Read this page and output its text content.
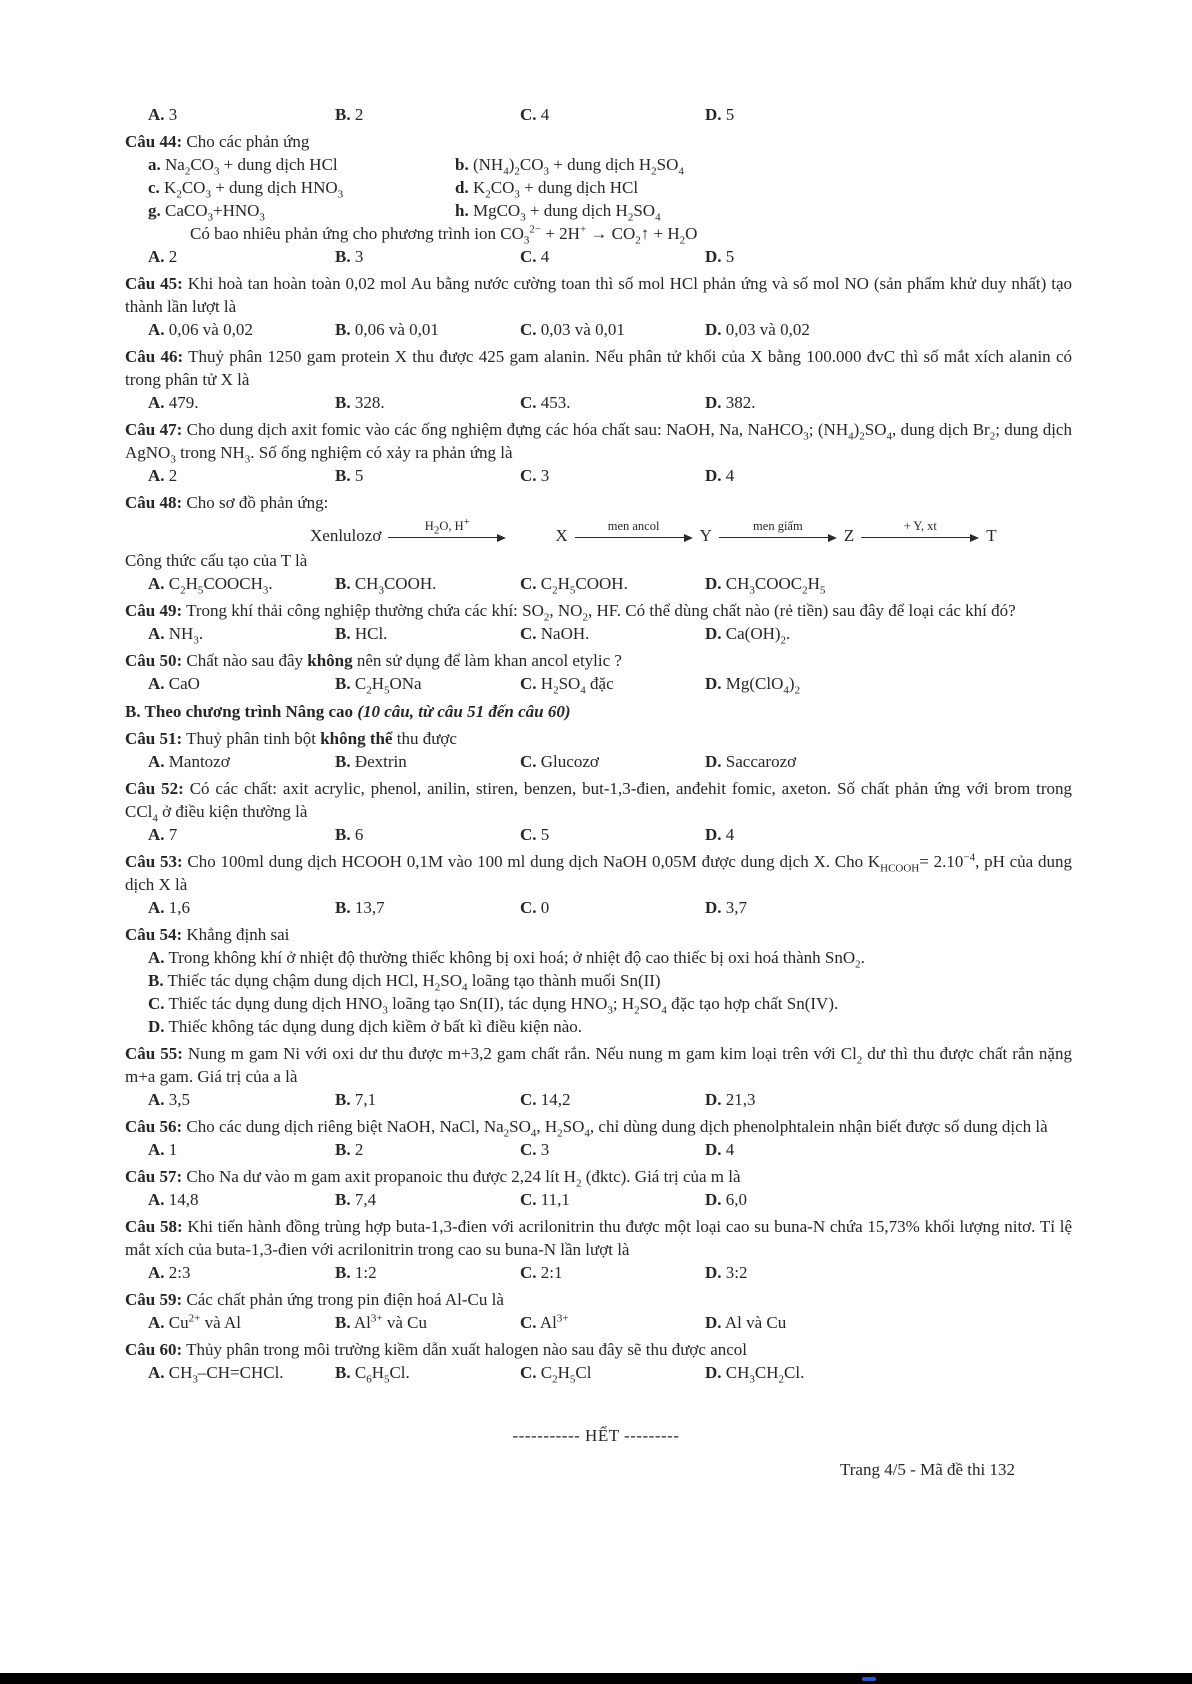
A. 3	B. 2	C. 4	D. 5
Câu 44: Cho các phản ứng
a. $Na_2CO_3$ + dung dịch HCl	b. $(NH_4)_2CO_3$ + dung dịch $H_2SO_4$
c. $K_2CO_3$ + dung dịch $HNO_3$	d. $K_2CO_3$ + dung dịch HCl
g. $CaCO_3+HNO_3$	h. MgCO$_3$ + dung dịch $H_2SO_4$
Có bao nhiêu phản ứng cho phương trình ion $CO_3^{2-} + 2H^+$ → $CO_2↑ + H_2O$
A. 2	B. 3	C. 4	D. 5
Câu 45: Khi hoà tan hoàn toàn 0,02 mol Au bằng nước cường toan thì số mol HCl phản ứng và số mol NO (sản phẩm khử duy nhất) tạo thành lần lượt là
A. 0,06 và 0,02	B. 0,06 và 0,01	C. 0,03 và 0,01	D. 0,03 và 0,02
Câu 46: Thuỷ phân 1250 gam protein X thu được 425 gam alanin. Nếu phân tử khối của X bằng 100.000 đvC thì số mắt xích alanin có trong phân tử X là
A. 479.	B. 328.	C. 453.	D. 382.
Câu 47: Cho dung dịch axit fomic vào các ống nghiệm đựng các hóa chất sau: NaOH, Na, NaHCO$_3$; $(NH_4)_2SO_4$, dung dịch $Br_2$; dung dịch AgNO$_3$ trong $NH_3$. Số ống nghiệm có xảy ra phản ứng là
A. 2	B. 5	C. 3	D. 4
Câu 48: Cho sơ đồ phản ứng:
Xenlulozơ	$H_2O$, H+
X	men ancol	Y	men giấm	Z	+ Y, xt	T
Công thức cấu tạo của T là
A. $C_2H_5COOCH_3$.	B. $CH_3COOH$.	C. $C_2H_5COOH$.	D. $CH_3COOC_2H_5$
Câu 49: Trong khí thải công nghiệp thường chứa các khí: $SO_2$, $NO_2$, HF. Có thể dùng chất nào (rẻ tiền) sau đây để loại các khí đó?
A. $NH_3$.	B. HCl.	C. NaOH.	D. $Ca(OH)_2$.
Câu 50: Chất nào sau đây không nên sử dụng để làm khan ancol etylic ?
A. CaO	B. $C_2H_5ONa$	C. $H_2SO_4$ đặc	D. $Mg(ClO_4)_2$
B. Theo chương trình Nâng cao (10 câu, từ câu 51 đến câu 60)
Câu 51: Thuỷ phân tinh bột không thể thu được
A. Mantozơ	B. Đextrin	C. Glucozơ	D. Saccarozơ
Câu 52: Có các chất: axit acrylic, phenol, anilin, stiren, benzen, but-1,3-đien, anđehit fomic, axeton. Số chất phản ứng với brom trong CCl$_4$ ở điều kiện thường là
A. 7	B. 6	C. 5	D. 4
Câu 53: Cho 100ml dung dịch HCOOH 0,1M vào 100 ml dung dịch NaOH 0,05M được dung dịch X. Cho $K_{HCOOH}= 2.10^{-4}$, pH của dung dịch X là
A. 1,6	B. 13,7	C. 0	D. 3,7
Câu 54: Khẳng định sai
A. Trong không khí ở nhiệt độ thường thiếc không bị oxi hoá; ở nhiệt độ cao thiếc bị oxi hoá thành SnO$_2$.
B. Thiếc tác dụng chậm dung dịch HCl, $H_2SO_4$ loãng tạo thành muối Sn(II)
C. Thiếc tác dụng dung dịch $HNO_3$ loãng tạo Sn(II), tác dụng $HNO_3$; $H_2SO_4$ đặc tạo hợp chất Sn(IV).
D. Thiếc không tác dụng dung dịch kiềm ở bất kì điều kiện nào.
Câu 55: Nung m gam Ni với oxi dư thu được m+3,2 gam chất rắn. Nếu nung m gam kim loại trên với $Cl_2$ dư thì thu được chất rắn nặng m+a gam. Giá trị của a là
A. 3,5	B. 7,1	C. 14,2	D. 21,3
Câu 56: Cho các dung dịch riêng biệt NaOH, NaCl, $Na_2SO_4$, $H_2SO_4$, chỉ dùng dung dịch phenolphtalein nhận biết được số dung dịch là
A. 1	B. 2	C. 3	D. 4
Câu 57: Cho Na dư vào m gam axit propanoic thu được 2,24 lít $H_2$ (đktc). Giá trị của m là
A. 14,8	B. 7,4	C. 11,1	D. 6,0
Câu 58: Khi tiến hành đồng trùng hợp buta-1,3-đien với acrilonitrin thu được một loại cao su buna-N chứa 15,73% khối lượng nitơ. Tỉ lệ mắt xích của buta-1,3-đien với acrilonitrin trong cao su buna-N lần lượt là
A. 2:3	B. 1:2	C. 2:1	D. 3:2
Câu 59: Các chất phản ứng trong pin điện hoá Al-Cu là
A. $Cu^{2+}$ và Al	B. $Al^{3+}$ và Cu	C. $Al^{3+}$	D. Al và Cu
Câu 60: Thủy phân trong môi trường kiềm dẫn xuất halogen nào sau đây sẽ thu được ancol
A. $CH_3-CH=CHCl$.	B. $C_6H_5Cl$.	C. $C_2H_5Cl$	D. $CH_3CH_2Cl$.
----------- HẾT ---------
Trang 4/5 - Mã đề thi 132
